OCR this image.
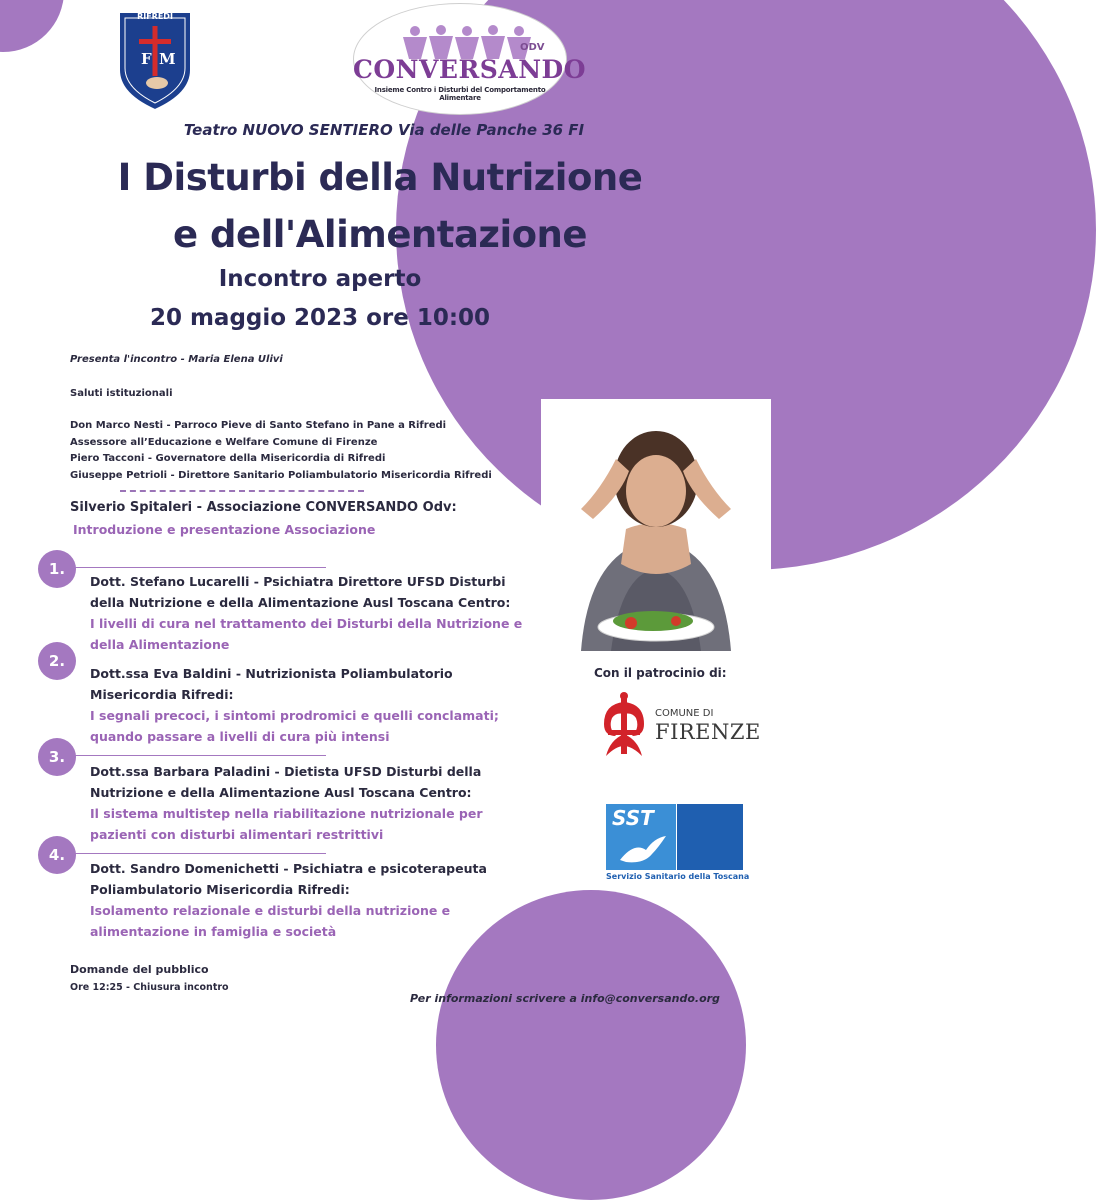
F M
RIFREDI
ODV
CONVERSANDO
Insieme Contro i Disturbi del Comportamento Alimentare
Teatro NUOVO SENTIERO Via delle Panche 36 FI
I Disturbi della Nutrizione
e dell'Alimentazione
Incontro aperto
20 maggio 2023 ore 10:00
Presenta l'incontro - Maria Elena Ulivi
Saluti istituzionali
Don Marco Nesti - Parroco Pieve di Santo Stefano in Pane a Rifredi
Assessore all’Educazione e Welfare Comune di Firenze
Piero Tacconi - Governatore della Misericordia di Rifredi
Giuseppe Petrioli - Direttore Sanitario Poliambulatorio Misericordia Rifredi
Silverio Spitaleri - Associazione CONVERSANDO Odv:
Introduzione e presentazione Associazione
1.
Dott. Stefano Lucarelli - Psichiatra Direttore UFSD Disturbi
della Nutrizione e della Alimentazione Ausl Toscana Centro:
I livelli di cura nel trattamento dei Disturbi della Nutrizione e
della Alimentazione
2.
Dott.ssa Eva Baldini - Nutrizionista Poliambulatorio
Misericordia Rifredi:
I segnali precoci, i sintomi prodromici e quelli conclamati;
quando passare a livelli di cura più intensi
3.
Dott.ssa Barbara Paladini - Dietista UFSD Disturbi della
Nutrizione e della Alimentazione Ausl Toscana Centro:
Il sistema multistep nella riabilitazione nutrizionale per
pazienti con disturbi alimentari restrittivi
4.
Dott. Sandro Domenichetti - Psichiatra e psicoterapeuta
Poliambulatorio Misericordia Rifredi:
Isolamento relazionale e disturbi della nutrizione e
alimentazione in famiglia e società
Con il patrocinio di:
COMUNE DI
FIRENZE
SST	Azienda
USL
Toscana
centro
Servizio Sanitario della Toscana
Domande del pubblico
Ore 12:25 - Chiusura incontro
Per informazioni scrivere a info@conversando.org
